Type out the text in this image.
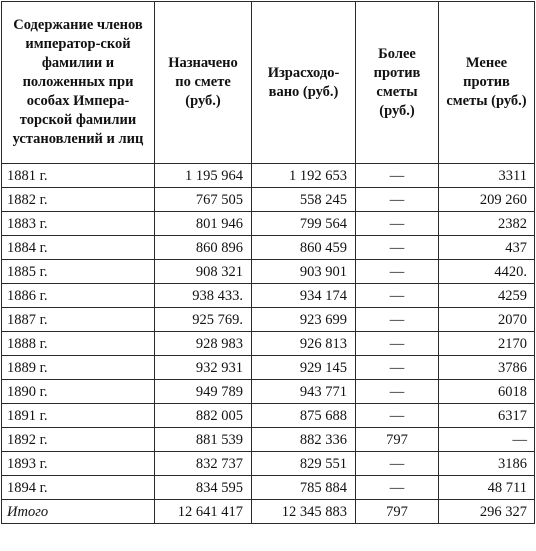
Содержание членов император-ской фамилии и положенных при особах Импера-торской фамилии установлений и лиц	Назначено по смете (руб.)	Израсходо-вано (руб.)	Более против сметы (руб.)	Менее против сметы (руб.)
1881 г.	1 195 964	1 192 653	—	3311
1882 г.	767 505	558 245	—	209 260
1883 г.	801 946	799 564	—	2382
1884 г.	860 896	860 459	—	437
1885 г.	908 321	903 901	—	4420.
1886 г.	938 433.	934 174	—	4259
1887 г.	925 769.	923 699	—	2070
1888 г.	928 983	926 813	—	2170
1889 г.	932 931	929 145	—	3786
1890 г.	949 789	943 771	—	6018
1891 г.	882 005	875 688	—	6317
1892 г.	881 539	882 336	797	—
1893 г.	832 737	829 551	—	3186
1894 г.	834 595	785 884	—	48 711
Итого	12 641 417	12 345 883	797	296 327
